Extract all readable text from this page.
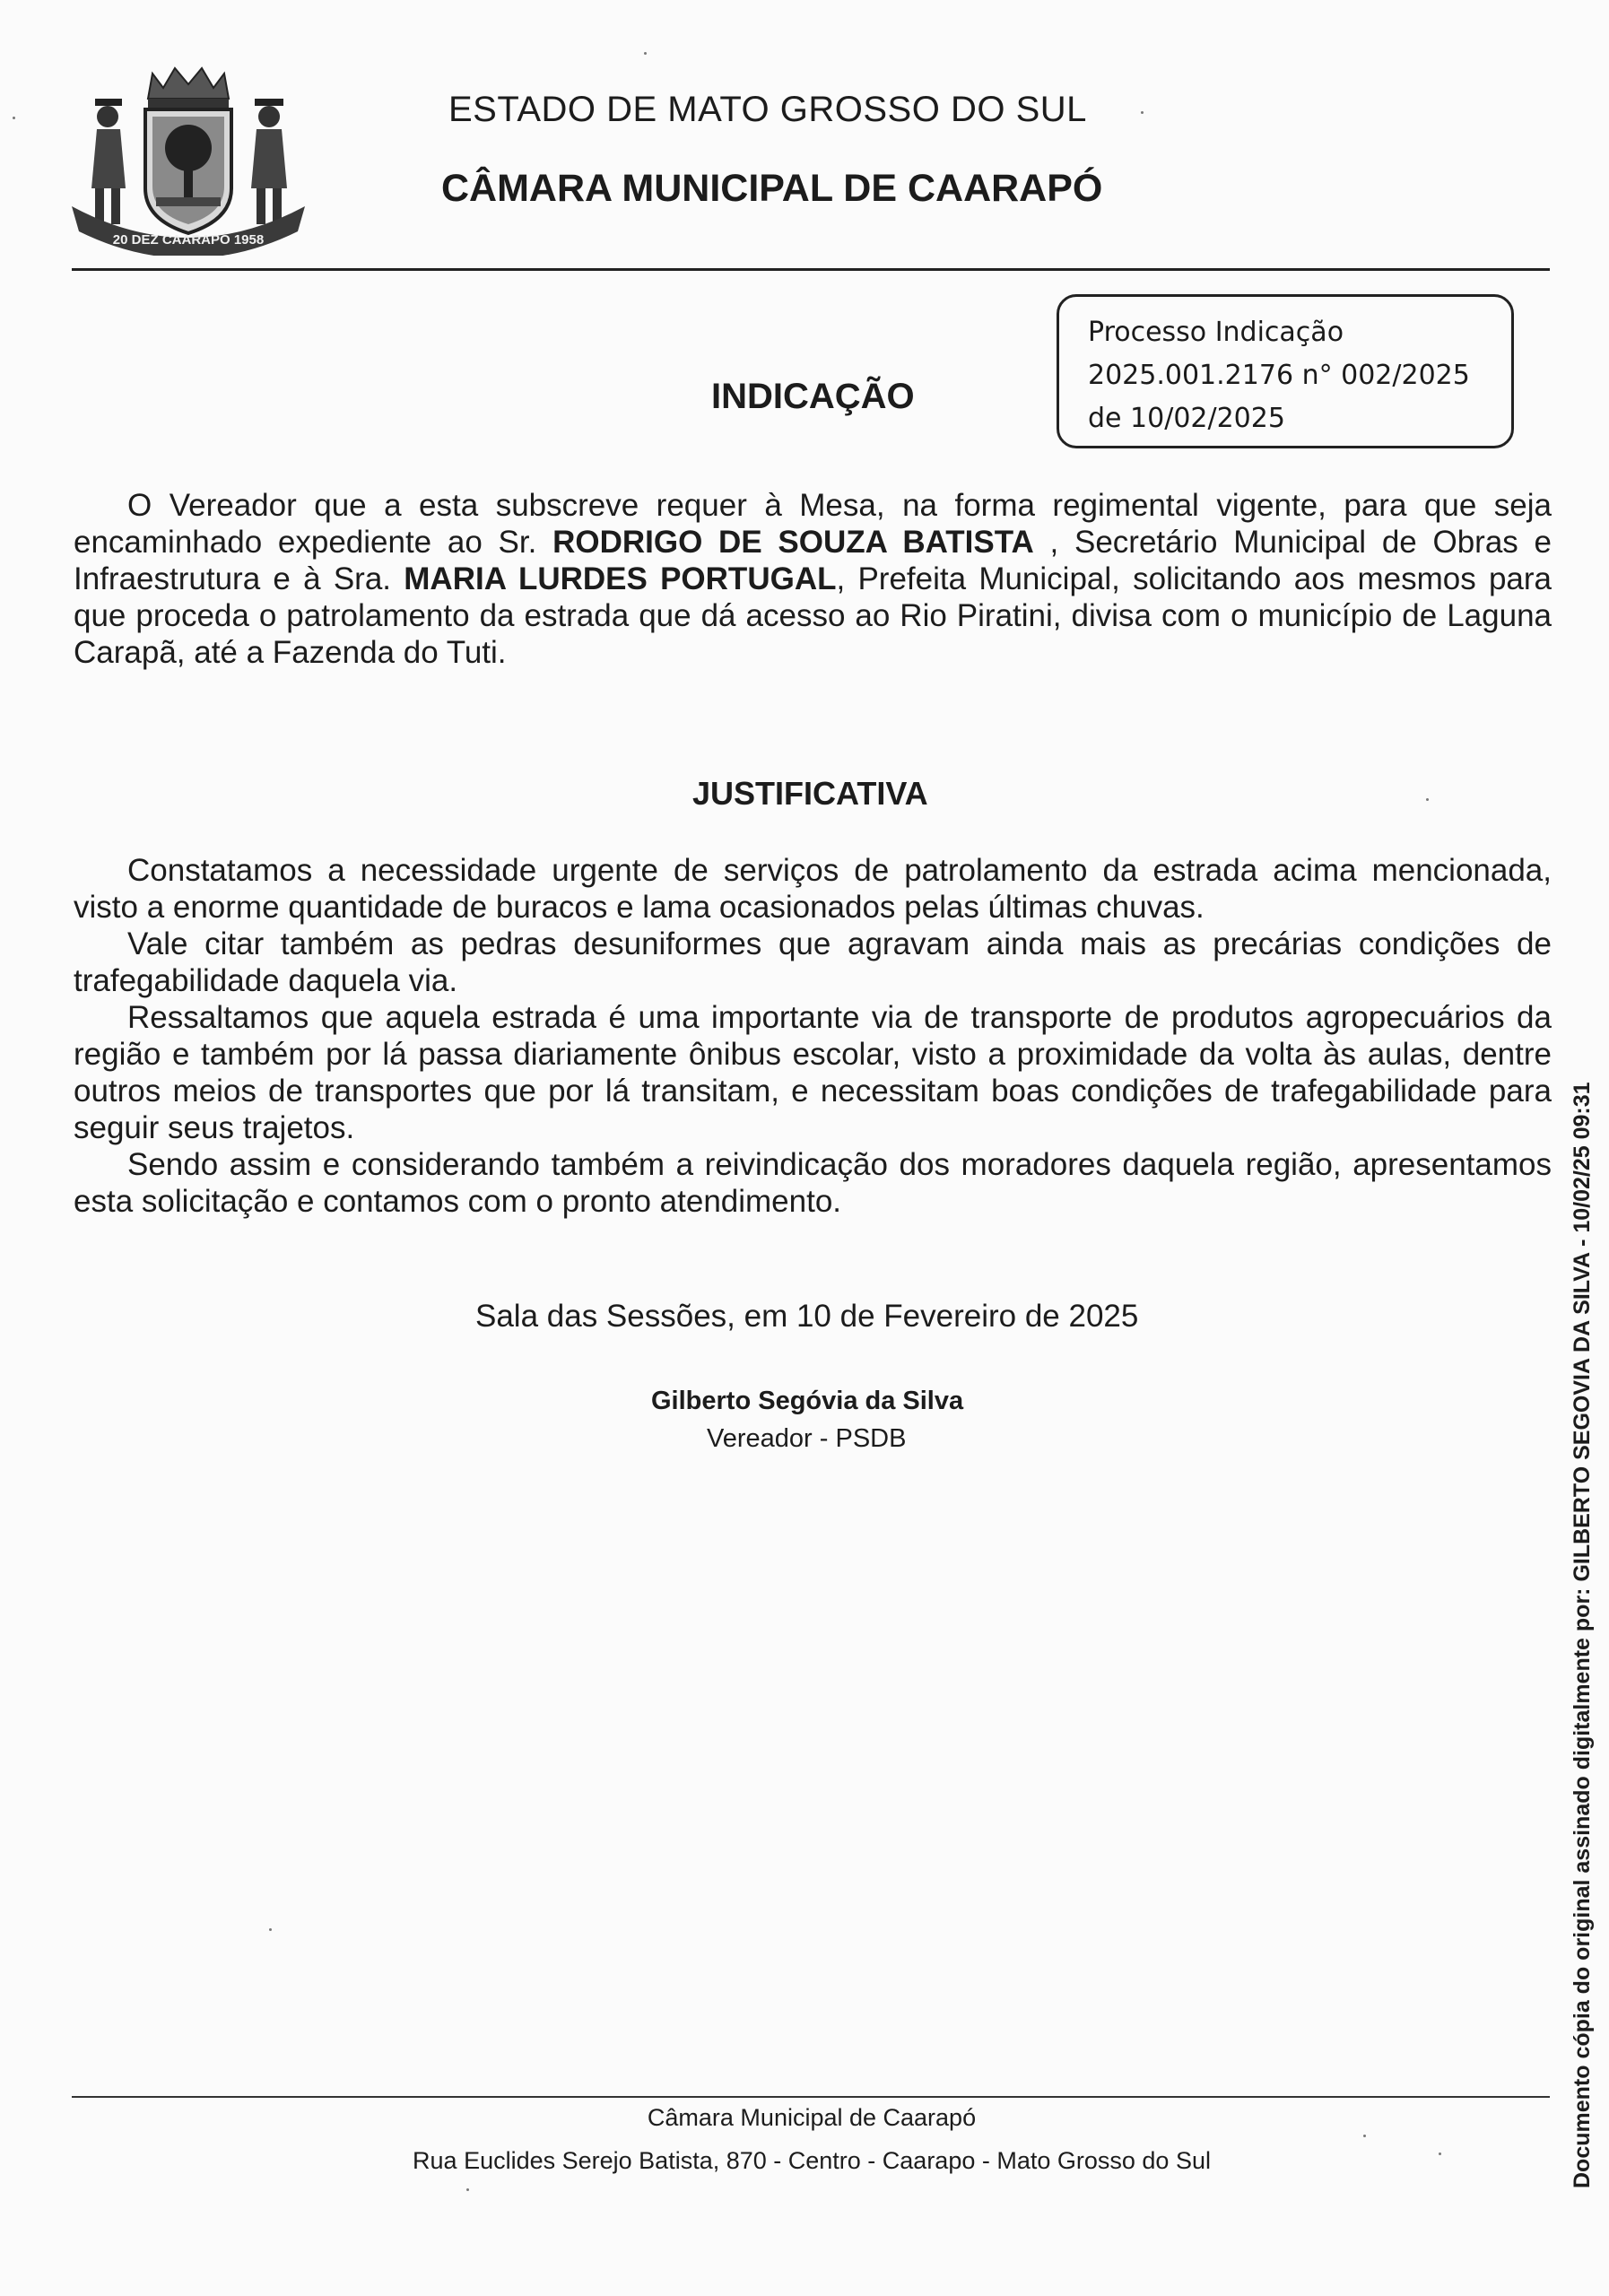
20 DEZ CAARAPÓ 1958
ESTADO DE MATO GROSSO DO SUL
CÂMARA MUNICIPAL DE CAARAPÓ
Processo Indicação
2025.001.2176 n° 002/2025
de 10/02/2025
INDICAÇÃO

O Vereador que a esta subscreve requer à Mesa, na forma regimental vigente, para que seja encaminhado expediente ao Sr. RODRIGO DE SOUZA BATISTA , Secretário Municipal de Obras e Infraestrutura e à Sra. MARIA LURDES PORTUGAL, Prefeita Municipal, solicitando aos mesmos para que proceda o patrolamento da estrada que dá acesso ao Rio Piratini, divisa com o município de Laguna Carapã, até a Fazenda do Tuti.

JUSTIFICATIVA

Constatamos a necessidade urgente de serviços de patrolamento da estrada acima mencionada, visto a enorme quantidade de buracos e lama ocasionados pelas últimas chuvas.

Vale citar também as pedras desuniformes que agravam ainda mais as precárias condições de trafegabilidade daquela via.

Ressaltamos que aquela estrada é uma importante via de transporte de produtos agropecuários da região e também por lá passa diariamente ônibus escolar, visto a proximidade da volta às aulas, dentre outros meios de transportes que por lá transitam, e necessitam boas condições de trafegabilidade para seguir seus trajetos.

Sendo assim e considerando também a reivindicação dos moradores daquela região, apresentamos esta solicitação e contamos com o pronto atendimento.

Sala das Sessões, em 10 de Fevereiro de 2025
Gilberto Segóvia da Silva
Vereador - PSDB	Documento cópia do original assinado digitalmente por: GILBERTO SEGOVIA DA SILVA - 10/02/25 09:31
Câmara Municipal de Caarapó
Rua Euclides Serejo Batista, 870 - Centro - Caarapo - Mato Grosso do Sul
